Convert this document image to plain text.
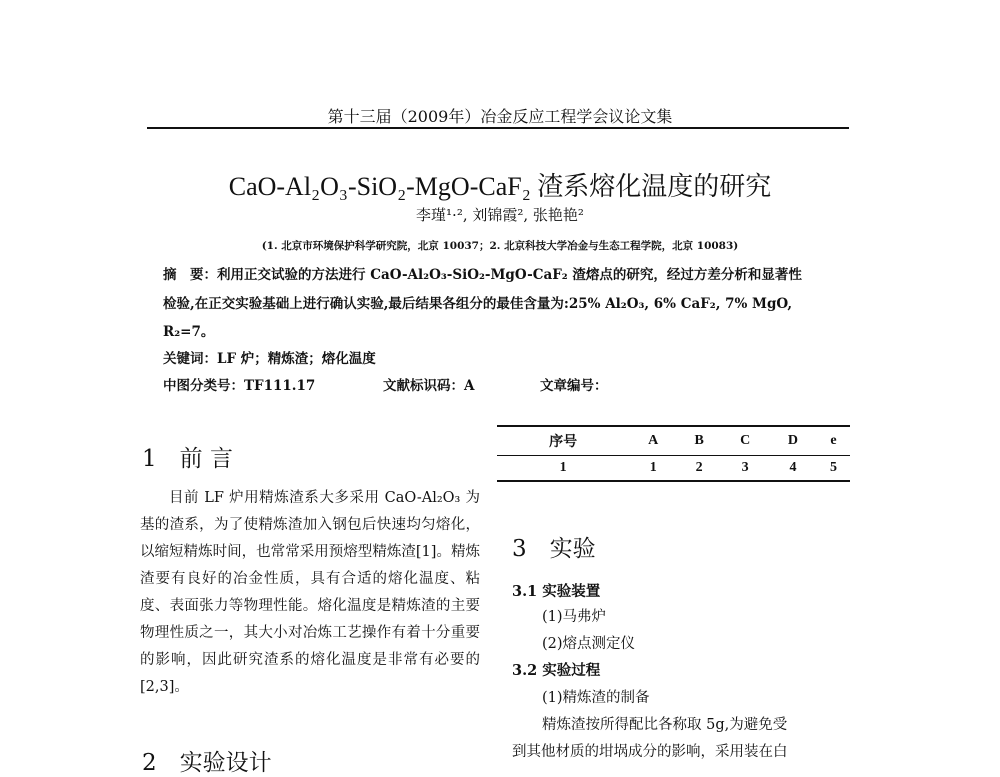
第十三届（2009年）冶金反应工程学会议论文集
CaO-Al₂O₃-SiO₂-MgO-CaF₂ 渣系熔化温度的研究
李瑾¹·², 刘锦霞², 张艳艳²
(1. 北京市环境保护科学研究院，北京 10037；2. 北京科技大学冶金与生态工程学院，北京 10083)
摘　要：利用正交试验的方法进行 CaO-Al₂O₃-SiO₂-MgO-CaF₂ 渣熔点的研究，经过方差分析和显著性
检验,在正交实验基础上进行确认实验,最后结果各组分的最佳含量为:25% Al₂O₃, 6% CaF₂, 7% MgO,
R₂=7。
关键词：LF 炉；精炼渣；熔化温度
中图分类号：TF111.17	文献标识码：A	文章编号：
1　前 言

目前 LF 炉用精炼渣系大多采用 CaO-Al₂O₃ 为基的渣系，为了使精炼渣加入钢包后快速均匀熔化，以缩短精炼时间，也常常采用预熔型精炼渣[1]。精炼渣要有良好的冶金性质，具有合适的熔化温度、粘度、表面张力等物理性能。熔化温度是精炼渣的主要物理性质之一，其大小对冶炼工艺操作有着十分重要的影响，因此研究渣系的熔化温度是非常有必要的[2,3]。

2　实验设计
序号	A	B	C	D	e
1	1	2	3	4	5
3　实验
3.1 实验装置
(1)马弗炉
(2)熔点测定仪
3.2 实验过程
(1)精炼渣的制备
精炼渣按所得配比各称取 5g,为避免受
到其他材质的坩埚成分的影响，采用装在白
